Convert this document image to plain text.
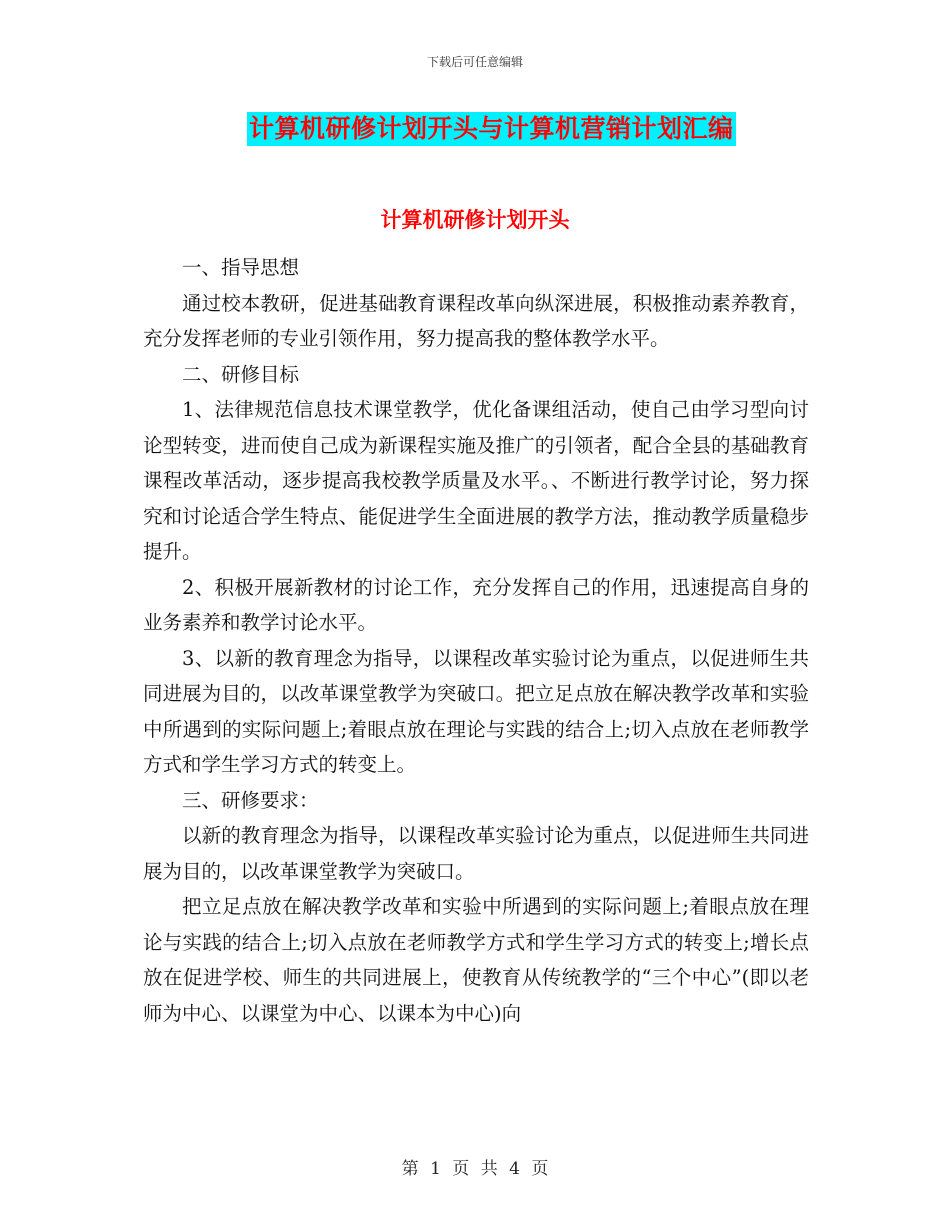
下载后可任意编辑
计算机研修计划开头与计算机营销计划汇编
计算机研修计划开头

一、指导思想

通过校本教研，促进基础教育课程改革向纵深进展，积极推动素养教育，充分发挥老师的专业引领作用，努力提高我的整体教学水平。

二、研修目标

1、法律规范信息技术课堂教学，优化备课组活动，使自己由学习型向讨论型转变，进而使自己成为新课程实施及推广的引领者，配合全县的基础教育课程改革活动，逐步提高我校教学质量及水平。、不断进行教学讨论，努力探究和讨论适合学生特点、能促进学生全面进展的教学方法，推动教学质量稳步提升。

2、积极开展新教材的讨论工作，充分发挥自己的作用，迅速提高自身的业务素养和教学讨论水平。

3、以新的教育理念为指导，以课程改革实验讨论为重点，以促进师生共同进展为目的，以改革课堂教学为突破口。把立足点放在解决教学改革和实验中所遇到的实际问题上;着眼点放在理论与实践的结合上;切入点放在老师教学方式和学生学习方式的转变上。

三、研修要求：

以新的教育理念为指导，以课程改革实验讨论为重点，以促进师生共同进展为目的，以改革课堂教学为突破口。

把立足点放在解决教学改革和实验中所遇到的实际问题上;着眼点放在理论与实践的结合上;切入点放在老师教学方式和学生学习方式的转变上;增长点放在促进学校、师生的共同进展上，使教育从传统教学的“三个中心”(即以老师为中心、以课堂为中心、以课本为中心)向

第 1 页 共 4 页
